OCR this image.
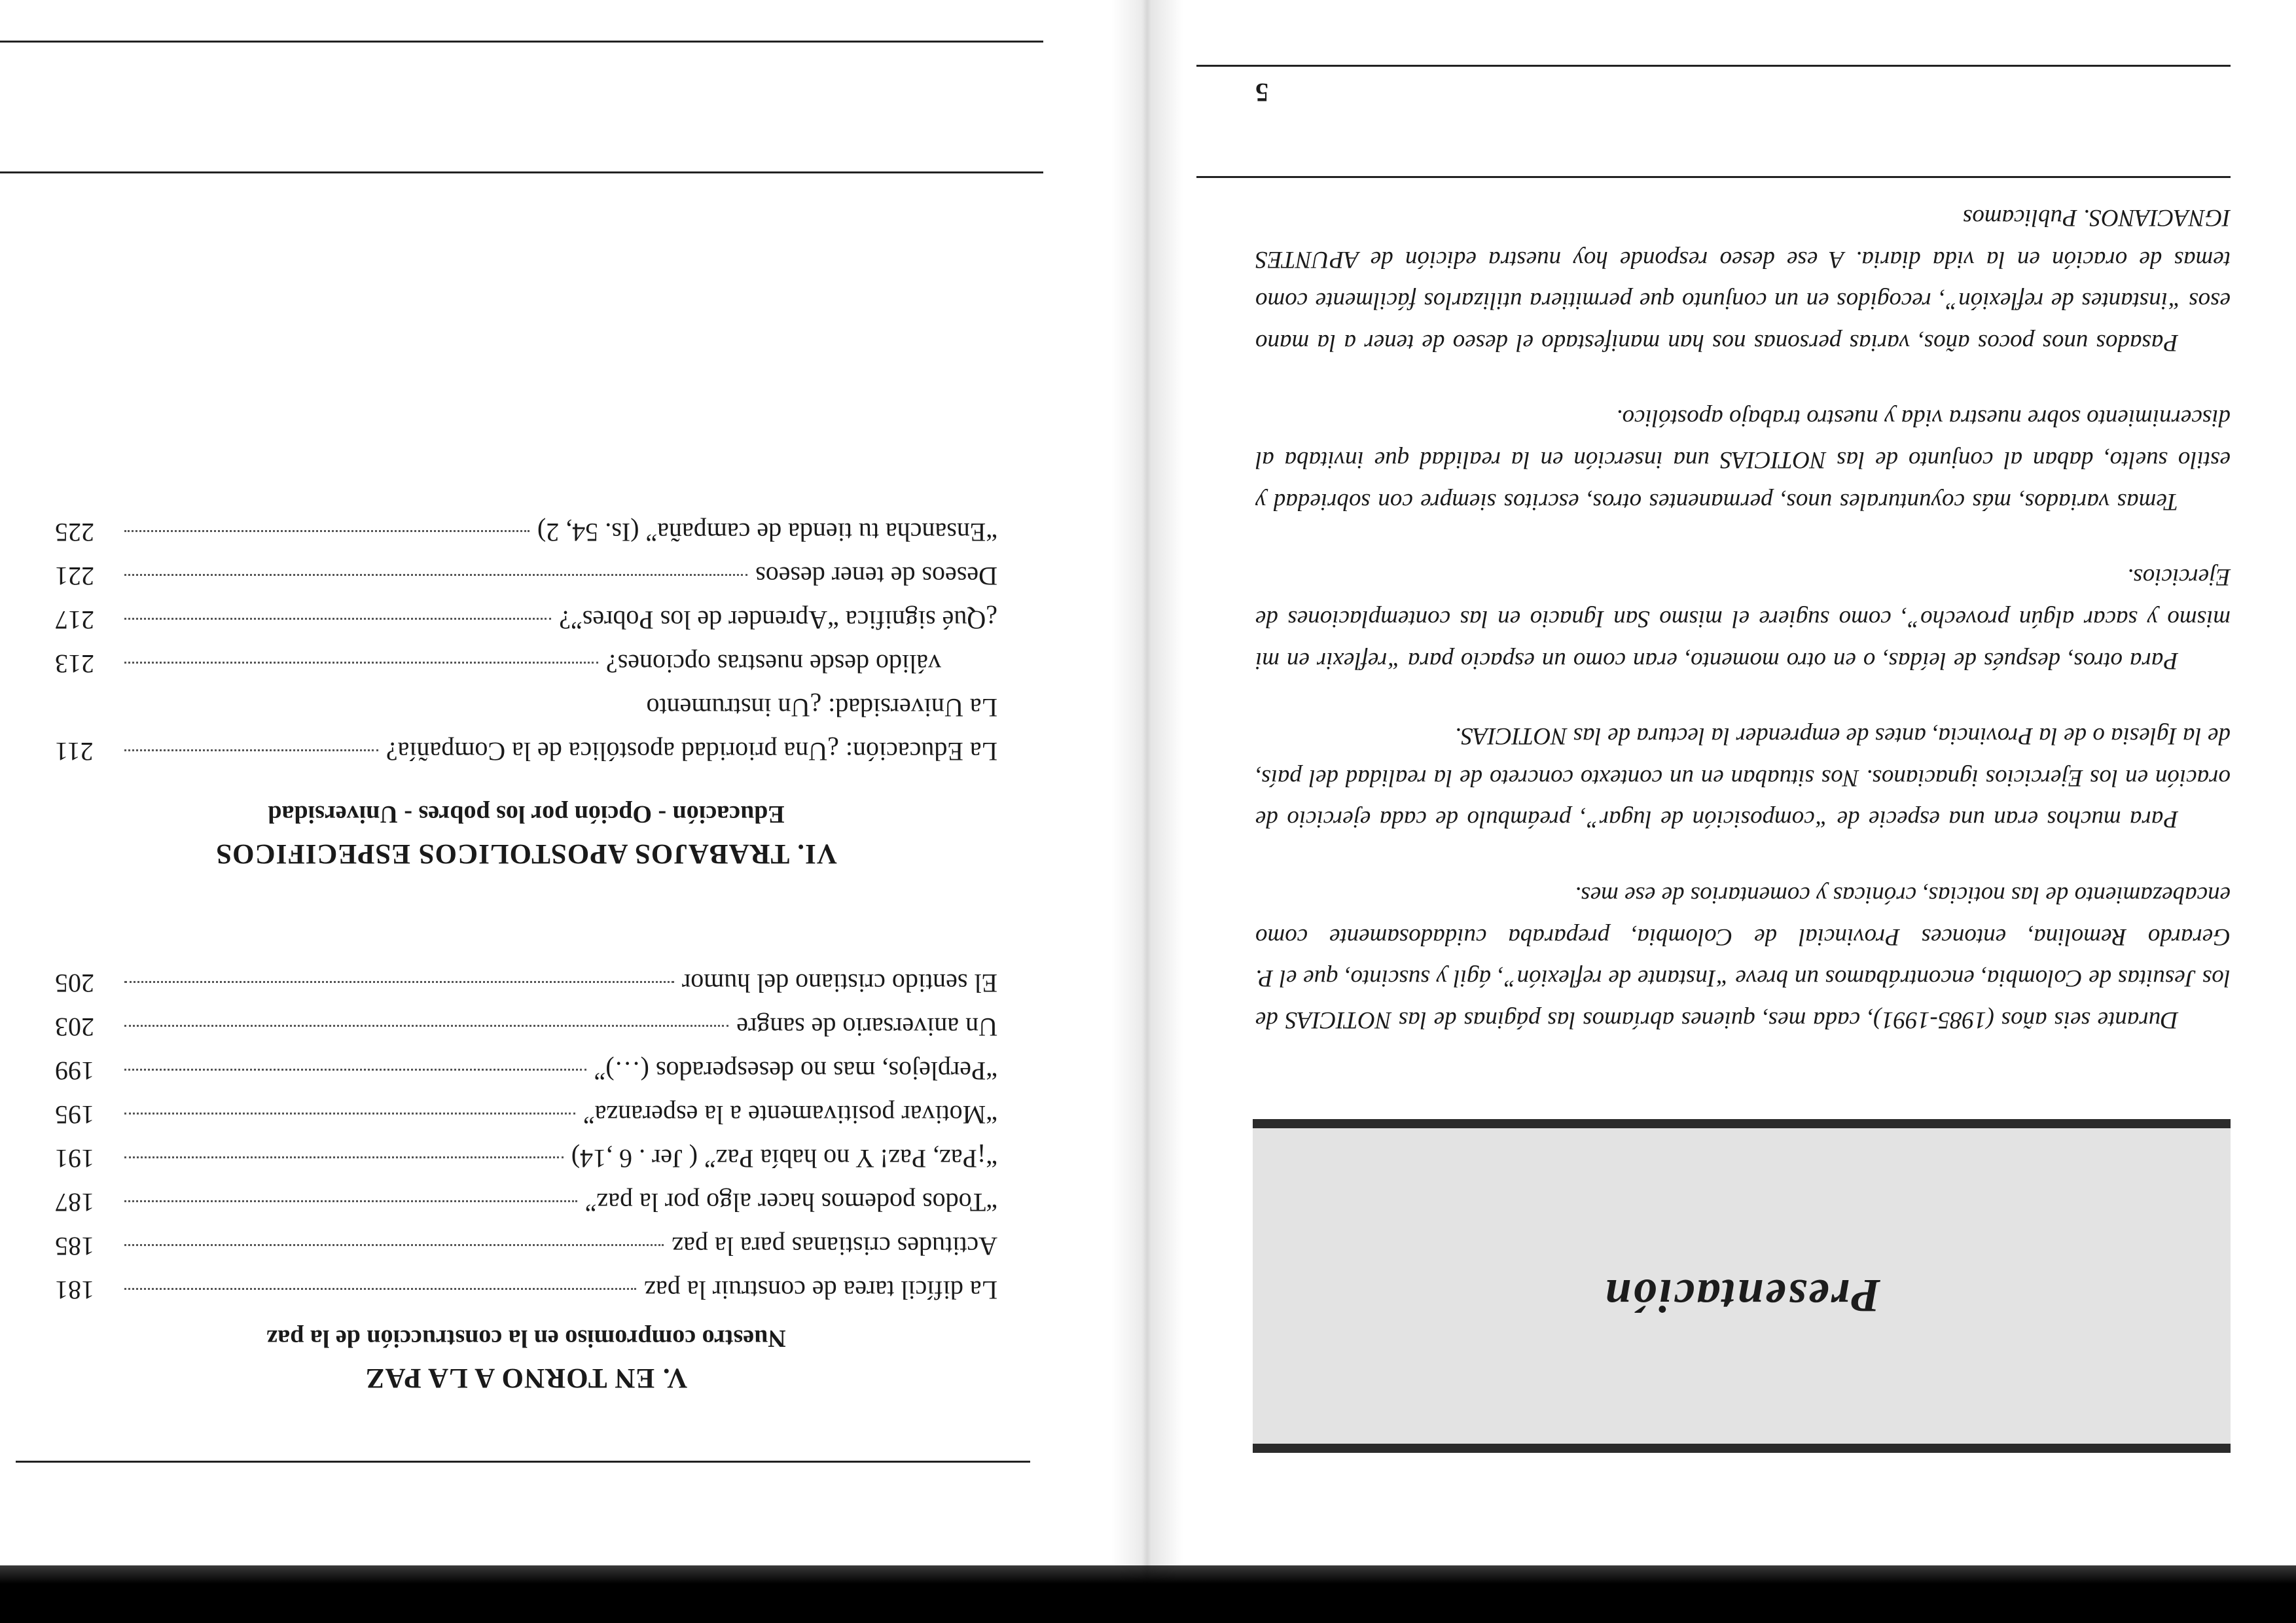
Presentación

Durante seis años (1985-1991), cada mes, quienes abríamos las páginas de las NOTICIAS de los Jesuitas de Colombia, encontrábamos un breve “Instante de reflexión”, ágil y suscinto, que el P. Gerardo Remolina, entonces Provincial de Colombia, preparaba cuidadosamente como encabezamiento de las noticias, crónicas y comentarios de ese mes.

Para muchos eran una especie de “composición de lugar”, preámbulo de cada ejercicio de oración en los Ejercicios ignacianos. Nos situaban en un contexto concreto de la realidad del país, de la Iglesia o de la Provincia, antes de emprender la lectura de las NOTICIAS.

Para otros, después de leídas, o en otro momento, eran como un espacio para “reflexir en mi mismo y sacar algún provecho”, como sugiere el mismo San Ignacio en las contemplaciones de Ejercicios.

Temas variados, más coyunturales unos, permanentes otros, escritos siempre con sobriedad y estilo suelto, daban al conjunto de las NOTICIAS una inserción en la realidad que invitaba al discernimiento sobre nuestra vida y nuestro trabajo apostólico.

Pasados unos pocos años, varias personas nos han manifestado el deseo de tener a la mano esos “instantes de reflexión”, recogidos en un conjunto que permitiera utilizarlos fácilmente como temas de oración en la vida diaria. A ese deseo responde hoy nuestra edición de APUNTES IGNACIANOS. Publicamos

5
V. EN TORNO A LA PAZ
Nuestro compromiso en la construcción de la paz
La difícil tarea de construir la paz
181
Actitudes cristianas para la paz
185
“Todos podemos hacer algo por la paz”
187
“¡Paz, Paz! Y no había Paz” ( Jer . 6 ,14)
191
“Motivar positivamente a la esperanza”
195
“Perplejos, mas no desesperados (…)”
199
Un aniversario de sangre
203
El sentido cristiano del humor
205
VI. TRABAJOS APOSTOLICOS ESPECIFICOS
Educación - Opción por los pobres - Universidad
La Educación: ¿Una prioridad apostólica de la Compañía?
211
La Universidad: ¿Un instrumento
válido desde nuestras opciones?
213
¿Qué significa “Aprender de los Pobres”?
217
Deseos de tener deseos
221
“Ensancha tu tienda de campaña” (Is. 54, 2)
225
